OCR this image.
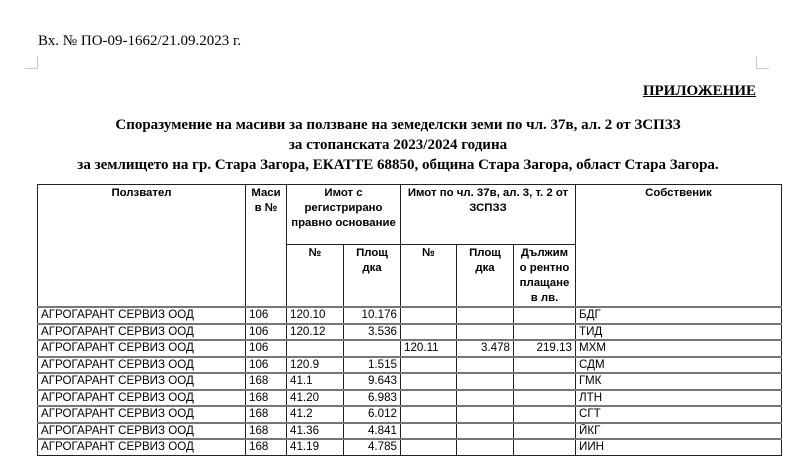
Вх. № ПО-09-1662/21.09.2023 г.
ПРИЛОЖЕНИЕ
Споразумение на масиви за ползване на земеделски земи по чл. 37в, ал. 2 от ЗСПЗЗ
за стопанската 2023/2024 година
за землището на гр. Стара Загора, ЕКАТТЕ 68850, община Стара Загора, област Стара Загора.
Ползвател	Маси в №	Имот с регистрирано правно основание		Имот по чл. 37в, ал. 3, т. 2 от ЗСПЗЗ			Собственик
		№	Площ дка	№	Площ дка	Дължим о рентно плащане в лв.	
АГРОГАРАНТ СЕРВИЗ ООД	106	120.10	10.176				БДГ
АГРОГАРАНТ СЕРВИЗ ООД	106	120.12	3.536				ТИД
АГРОГАРАНТ СЕРВИЗ ООД	106			120.11	3.478	219.13	МХМ
АГРОГАРАНТ СЕРВИЗ ООД	106	120.9	1.515				СДМ
АГРОГАРАНТ СЕРВИЗ ООД	168	41.1	9.643				ГМК
АГРОГАРАНТ СЕРВИЗ ООД	168	41.20	6.983				ЛТН
АГРОГАРАНТ СЕРВИЗ ООД	168	41.2	6.012				СГТ
АГРОГАРАНТ СЕРВИЗ ООД	168	41.36	4.841				ЙКГ
АГРОГАРАНТ СЕРВИЗ ООД	168	41.19	4.785				ИИН
